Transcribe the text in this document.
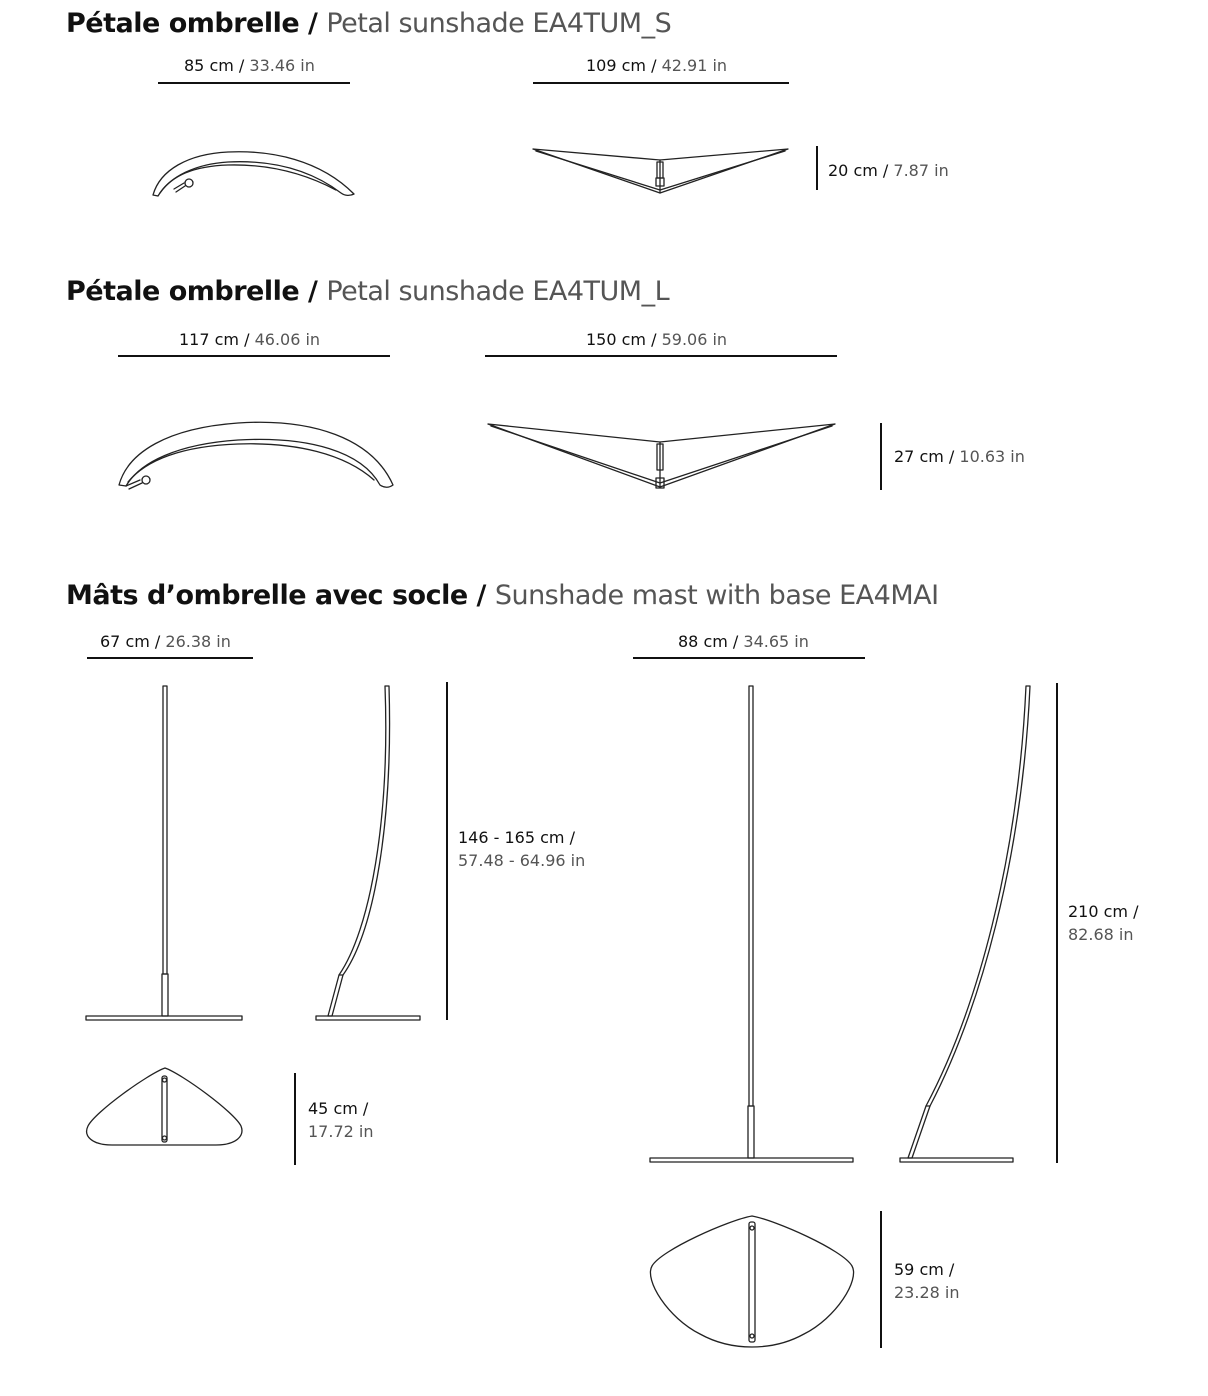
Pétale ombrelle / Petal sunshade EA4TUM_S
85 cm / 33.46 in	109 cm / 42.91 in
20 cm / 7.87 in
Pétale ombrelle / Petal sunshade EA4TUM_L
117 cm / 46.06 in	150 cm / 59.06 in
27 cm / 10.63 in
Mâts d’ombrelle avec socle / Sunshade mast with base EA4MAI
67 cm / 26.38 in
146 - 165 cm /
57.48 - 64.96 in
45 cm /
17.72 in
88 cm / 34.65 in
210 cm /
82.68 in
59 cm /
23.28 in
